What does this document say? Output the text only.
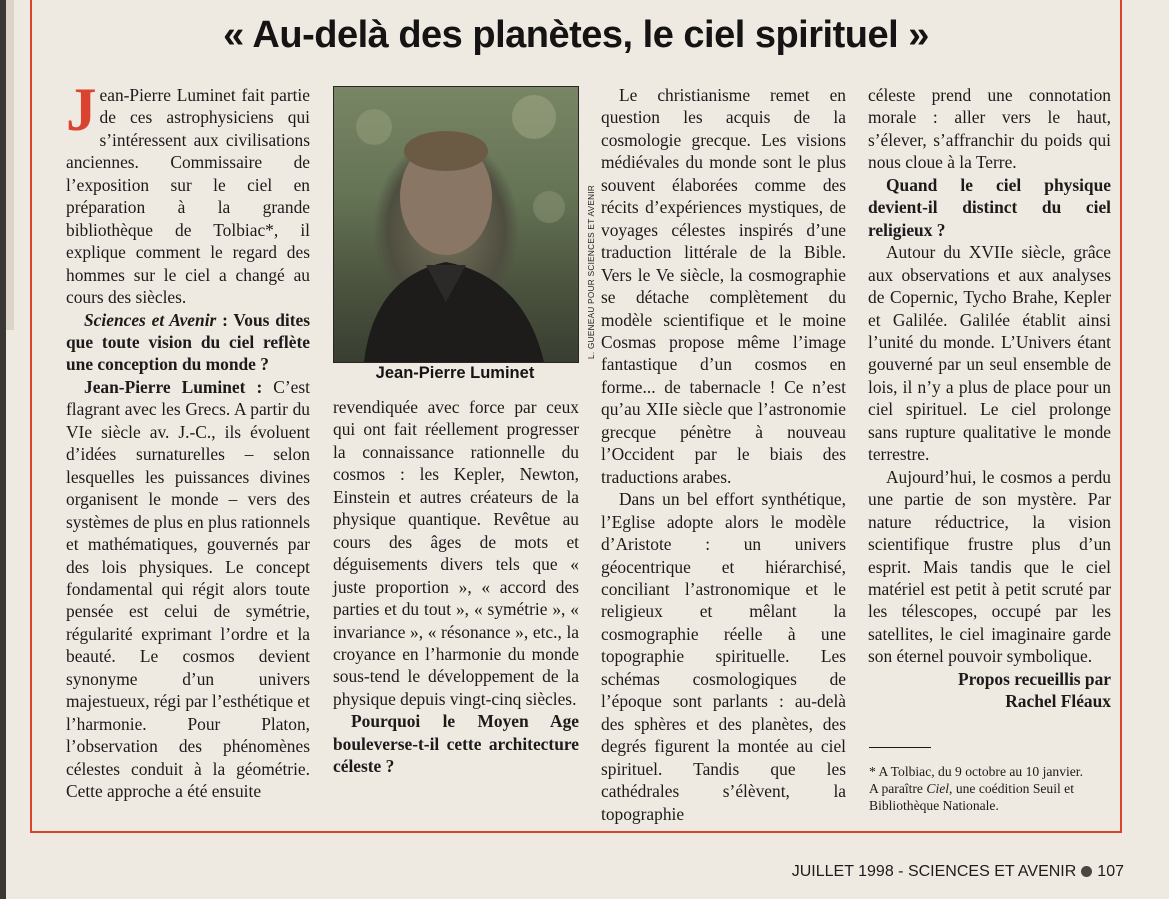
« Au-delà des planètes, le ciel spirituel »

Jean-Pierre Luminet fait partie de ces astrophysiciens qui s’intéressent aux civilisations anciennes. Commissaire de l’exposition sur le ciel en préparation à la grande bibliothèque de Tolbiac*, il explique comment le regard des hommes sur le ciel a changé au cours des siècles.

Sciences et Avenir : Vous dites que toute vision du ciel reflète une conception du monde ?

Jean-Pierre Luminet : C’est flagrant avec les Grecs. A partir du VIe siècle av. J.-C., ils évoluent d’idées surnaturelles – selon lesquelles les puissances divines organisent le monde – vers des systèmes de plus en plus rationnels et mathématiques, gouvernés par des lois physiques. Le concept fondamental qui régit alors toute pensée est celui de symétrie, régularité exprimant l’ordre et la beauté. Le cosmos devient synonyme d’un univers majestueux, régi par l’esthétique et l’harmonie. Pour Platon, l’observation des phénomènes célestes conduit à la géométrie. Cette approche a été ensuite

L. GUENEAU POUR SCIENCES ET AVENIR
Jean-Pierre Luminet

revendiquée avec force par ceux qui ont fait réellement progresser la connaissance rationnelle du cosmos : les Kepler, Newton, Einstein et autres créateurs de la physique quantique. Revêtue au cours des âges de mots et déguisements divers tels que « juste proportion », « accord des parties et du tout », « symétrie », « invariance », « résonance », etc., la croyance en l’harmonie du monde sous-tend le développement de la physique depuis vingt-cinq siècles.

Pourquoi le Moyen Age bouleverse-t-il cette architecture céleste ?

Le christianisme remet en question les acquis de la cosmologie grecque. Les visions médiévales du monde sont le plus souvent élaborées comme des récits d’expériences mystiques, de voyages célestes inspirés d’une traduction littérale de la Bible. Vers le Ve siècle, la cosmographie se détache complètement du modèle scientifique et le moine Cosmas propose même l’image fantastique d’un cosmos en forme... de tabernacle ! Ce n’est qu’au XIIe siècle que l’astronomie grecque pénètre à nouveau l’Occident par le biais des traductions arabes.

Dans un bel effort synthétique, l’Eglise adopte alors le modèle d’Aristote : un univers géocentrique et hiérarchisé, conciliant l’astronomique et le religieux et mêlant la cosmographie réelle à une topographie spirituelle. Les schémas cosmologiques de l’époque sont parlants : au-delà des sphères et des planètes, des degrés figurent la montée au ciel spirituel. Tandis que les cathédrales s’élèvent, la topographie

céleste prend une connotation morale : aller vers le haut, s’élever, s’affranchir du poids qui nous cloue à la Terre.

Quand le ciel physique devient-il distinct du ciel religieux ?

Autour du XVIIe siècle, grâce aux observations et aux analyses de Copernic, Tycho Brahe, Kepler et Galilée. Galilée établit ainsi l’unité du monde. L’Univers étant gouverné par un seul ensemble de lois, il n’y a plus de place pour un ciel spirituel. Le ciel prolonge sans rupture qualitative le monde terrestre.

Aujourd’hui, le cosmos a perdu une partie de son mystère. Par nature réductrice, la vision scientifique frustre plus d’un esprit. Mais tandis que le ciel matériel est petit à petit scruté par les télescopes, occupé par les satellites, le ciel imaginaire garde son éternel pouvoir symbolique.

Propos recueillis par

Rachel Fléaux

* A Tolbiac, du 9 octobre au 10 janvier.
A paraître Ciel, une coédition Seuil et Bibliothèque Nationale.
JUILLET 1998 - SCIENCES ET AVENIR 107
